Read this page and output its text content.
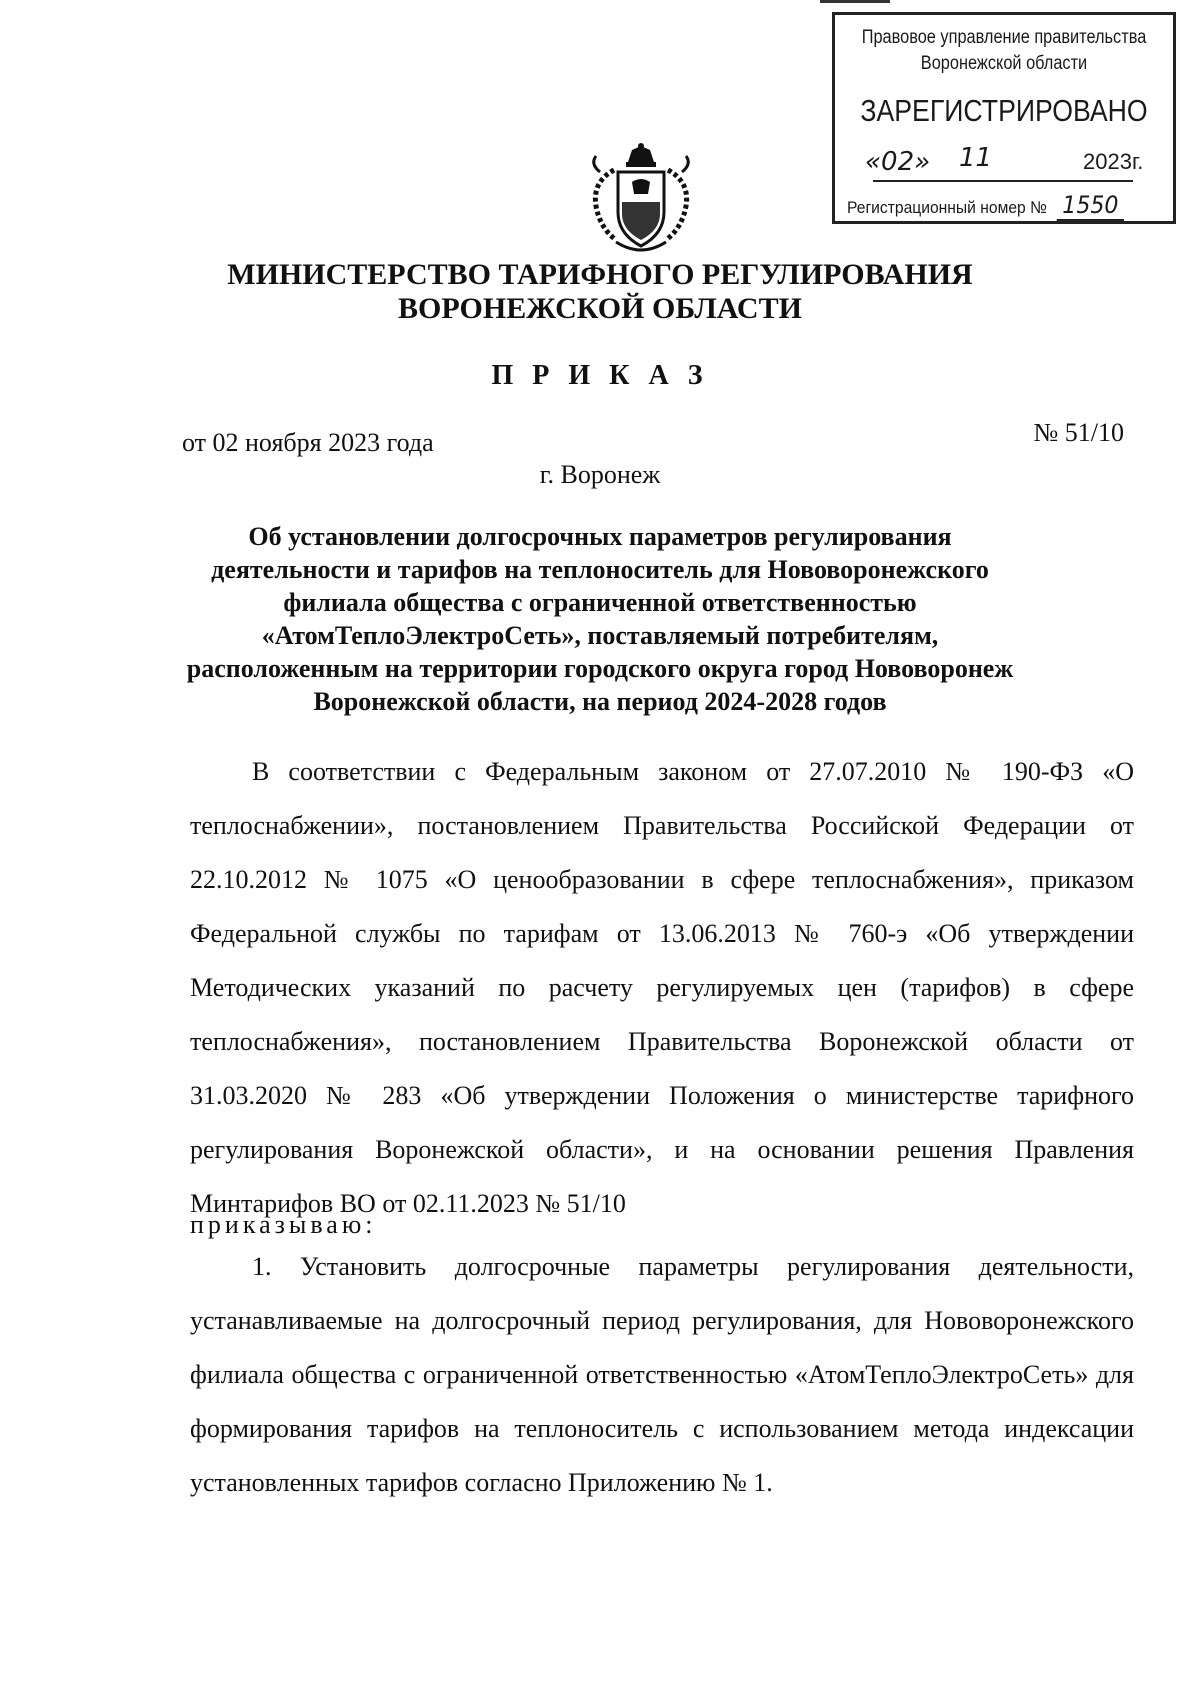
Правовое управление правительства
Воронежской области
ЗАРЕГИСТРИРОВАНО
«02» 11	2023г.
Регистрационный номер № 1550
МИНИСТЕРСТВО ТАРИФНОГО РЕГУЛИРОВАНИЯ
ВОРОНЕЖСКОЙ ОБЛАСТИ
П Р И К А З
от 02 ноября 2023 года	№ 51/10
г. Воронеж
Об установлении долгосрочных параметров регулирования
деятельности и тарифов на теплоноситель для Нововоронежского
филиала общества с ограниченной ответственностью
«АтомТеплоЭлектроСеть», поставляемый потребителям,
расположенным на территории городского округа город Нововоронеж
Воронежской области, на период 2024-2028 годов
В соответствии с Федеральным законом от 27.07.2010 № 190-ФЗ «О теплоснабжении», постановлением Правительства Российской Федерации от 22.10.2012 № 1075 «О ценообразовании в сфере теплоснабжения», приказом Федеральной службы по тарифам от 13.06.2013 № 760-э «Об утверждении Методических указаний по расчету регулируемых цен (тарифов) в сфере теплоснабжения», постановлением Правительства Воронежской области от 31.03.2020 № 283 «Об утверждении Положения о министерстве тарифного регулирования Воронежской области», и на основании решения Правления Минтарифов ВО от 02.11.2023 № 51/10
приказываю:
1. Установить долгосрочные параметры регулирования деятельности, устанавливаемые на долгосрочный период регулирования, для Нововоронежского филиала общества с ограниченной ответственностью «АтомТеплоЭлектроСеть» для формирования тарифов на теплоноситель с использованием метода индексации установленных тарифов согласно Приложению № 1.
